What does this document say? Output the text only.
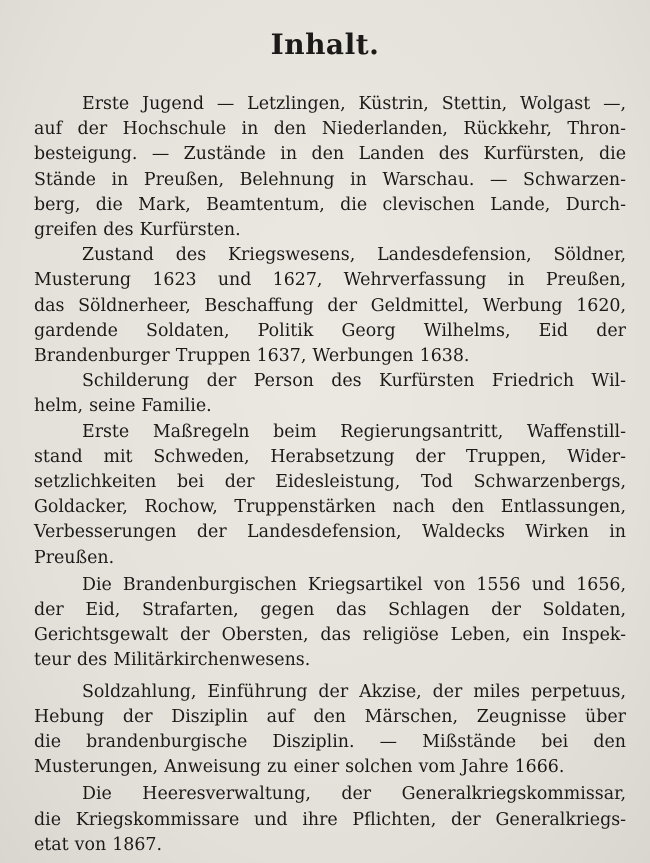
Inhalt.

Erste Jugend — Letzlingen, Küstrin, Stettin, Wolgast —,
auf der Hochschule in den Niederlanden, Rückkehr, Thron-
besteigung. — Zustände in den Landen des Kurfürsten, die
Stände in Preußen, Belehnung in Warschau. — Schwarzen-
berg, die Mark, Beamtentum, die clevischen Lande, Durch-
greifen des Kurfürsten.

Zustand des Kriegswesens, Landesdefension, Söldner,
Musterung 1623 und 1627, Wehrverfassung in Preußen,
das Söldnerheer, Beschaffung der Geldmittel, Werbung 1620,
gardende Soldaten, Politik Georg Wilhelms, Eid der
Brandenburger Truppen 1637, Werbungen 1638.

Schilderung der Person des Kurfürsten Friedrich Wil-
helm, seine Familie.

Erste Maßregeln beim Regierungsantritt, Waffenstill-
stand mit Schweden, Herabsetzung der Truppen, Wider-
setzlichkeiten bei der Eidesleistung, Tod Schwarzenbergs,
Goldacker, Rochow, Truppenstärken nach den Entlassungen,
Verbesserungen der Landesdefension, Waldecks Wirken in
Preußen.

Die Brandenburgischen Kriegsartikel von 1556 und 1656,
der Eid, Strafarten, gegen das Schlagen der Soldaten,
Gerichtsgewalt der Obersten, das religiöse Leben, ein Inspek-
teur des Militärkirchenwesens.

Soldzahlung, Einführung der Akzise, der miles perpetuus,
Hebung der Disziplin auf den Märschen, Zeugnisse über
die brandenburgische Disziplin. — Mißstände bei den
Musterungen, Anweisung zu einer solchen vom Jahre 1666.

Die Heeresverwaltung, der Generalkriegskommissar,
die Kriegskommissare und ihre Pflichten, der Generalkriegs-
etat von 1867.
